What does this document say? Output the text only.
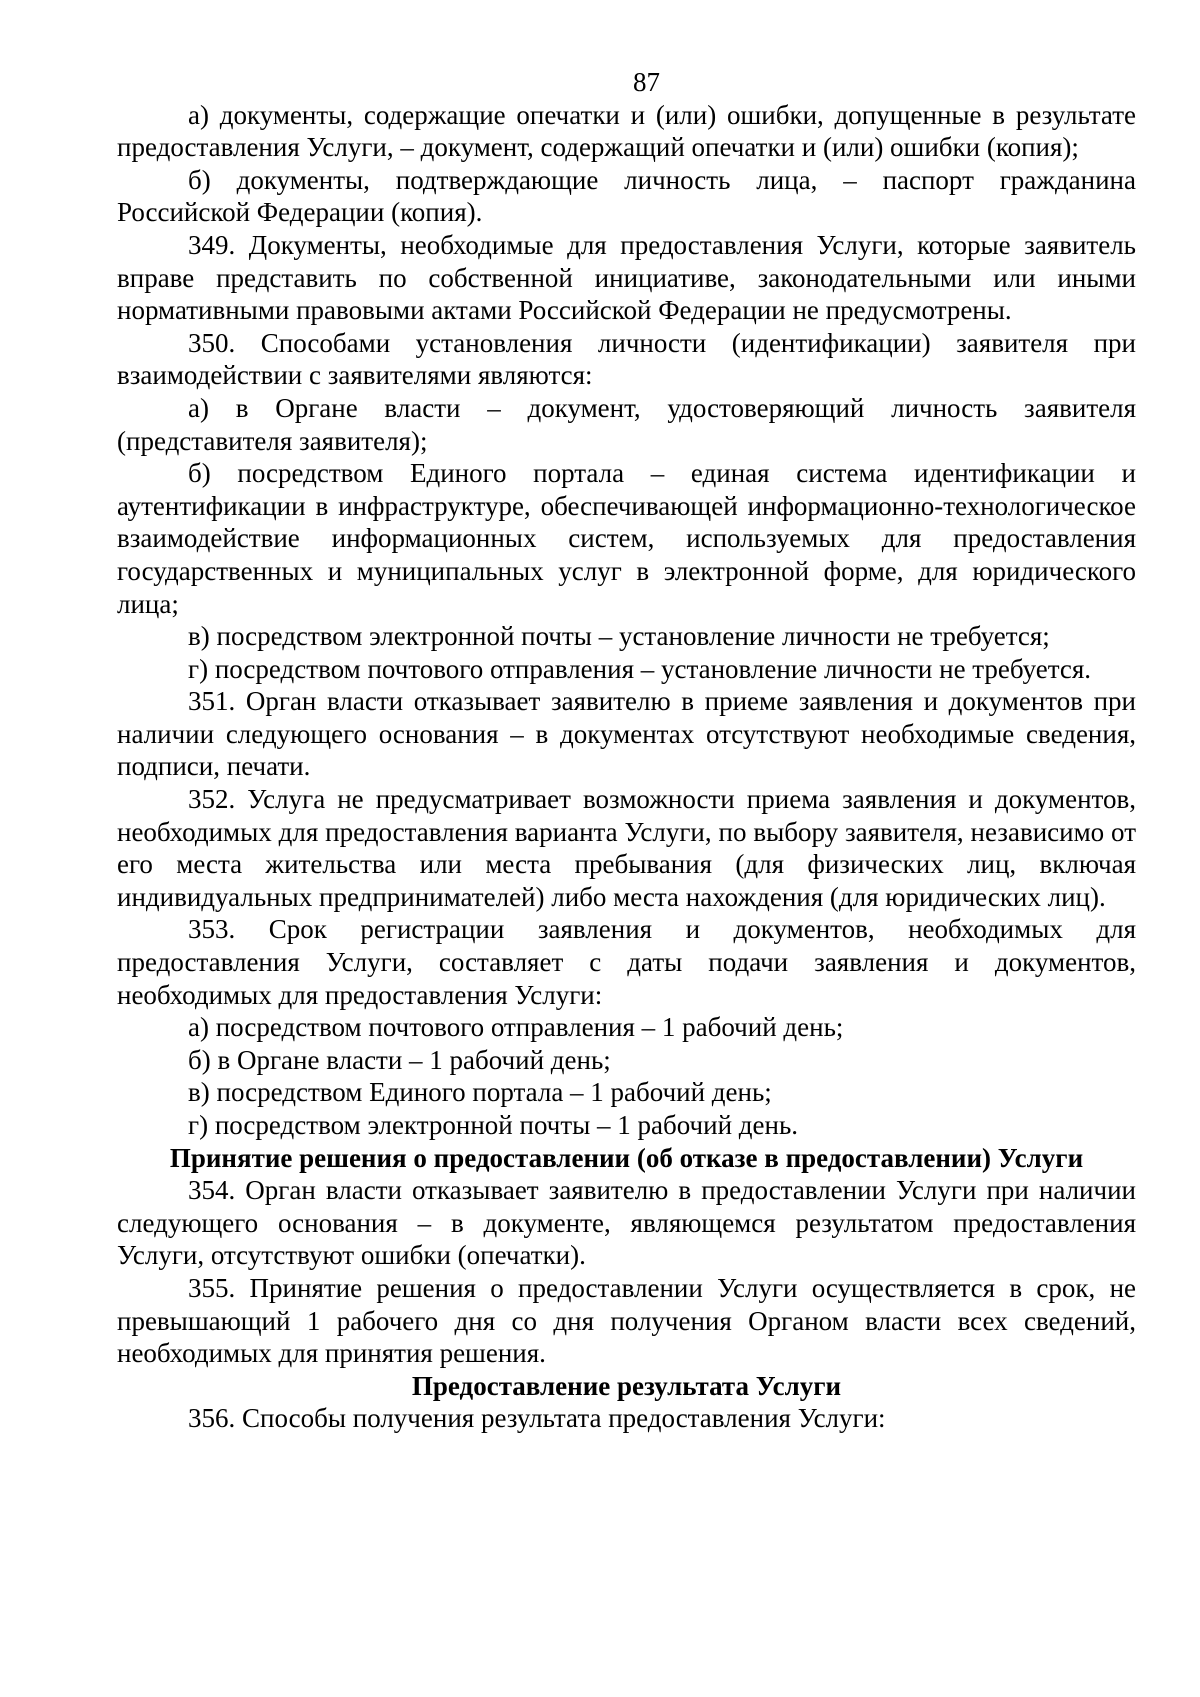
87

а) документы, содержащие опечатки и (или) ошибки, допущенные в результате предоставления Услуги, – документ, содержащий опечатки и (или) ошибки (копия);

б) документы, подтверждающие личность лица, – паспорт гражданина Российской Федерации (копия).

349. Документы, необходимые для предоставления Услуги, которые заявитель вправе представить по собственной инициативе, законодательными или иными нормативными правовыми актами Российской Федерации не предусмотрены.

350. Способами установления личности (идентификации) заявителя при взаимодействии с заявителями являются:

а) в Органе власти – документ, удостоверяющий личность заявителя (представителя заявителя);

б) посредством Единого портала – единая система идентификации и аутентификации в инфраструктуре, обеспечивающей информационно-технологическое взаимодействие информационных систем, используемых для предоставления государственных и муниципальных услуг в электронной форме, для юридического лица;

в) посредством электронной почты – установление личности не требуется;

г) посредством почтового отправления – установление личности не требуется.

351. Орган власти отказывает заявителю в приеме заявления и документов при наличии следующего основания – в документах отсутствуют необходимые сведения, подписи, печати.

352. Услуга не предусматривает возможности приема заявления и документов, необходимых для предоставления варианта Услуги, по выбору заявителя, независимо от его места жительства или места пребывания (для физических лиц, включая индивидуальных предпринимателей) либо места нахождения (для юридических лиц).

353. Срок регистрации заявления и документов, необходимых для предоставления Услуги, составляет с даты подачи заявления и документов, необходимых для предоставления Услуги:

а) посредством почтового отправления – 1 рабочий день;

б) в Органе власти – 1 рабочий день;

в) посредством Единого портала – 1 рабочий день;

г) посредством электронной почты – 1 рабочий день.

Принятие решения о предоставлении (об отказе в предоставлении) Услуги

354. Орган власти отказывает заявителю в предоставлении Услуги при наличии следующего основания – в документе, являющемся результатом предоставления Услуги, отсутствуют ошибки (опечатки).

355. Принятие решения о предоставлении Услуги осуществляется в срок, не превышающий 1 рабочего дня со дня получения Органом власти всех сведений, необходимых для принятия решения.

Предоставление результата Услуги

356. Способы получения результата предоставления Услуги:
